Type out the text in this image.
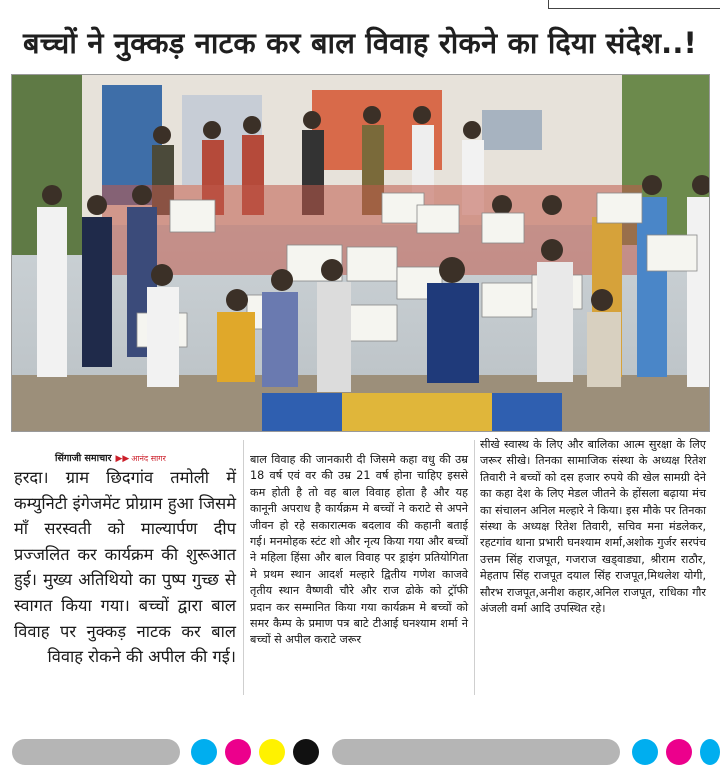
बच्चों ने नुक्कड़ नाटक कर बाल विवाह रोकने का दिया संदेश..!
सिंगाजी समाचार ▶▶ आनंद सागर

हरदा। ग्राम छिदगांव तमोली में कम्युनिटी इंगेजमेंट प्रोग्राम हुआ जिसमे माँ सरस्वती को माल्यार्पण दीप प्रज्जलित कर कार्यक्रम की शुरूआत हुई। मुख्य अतिथियो का पुष्प गुच्छ से स्वागत किया गया। बच्चों द्वारा बाल विवाह पर नुक्कड़ नाटक कर बाल विवाह रोकने की अपील की गई।

बाल विवाह की जानकारी दी जिसमे कहा वधु की उम्र 18 वर्ष एवं वर की उम्र 21 वर्ष होना चाहिए इससे कम होती है तो वह बाल विवाह होता है और यह कानूनी अपराध है कार्यक्रम मे बच्चों ने कराटे से अपने जीवन हो रहे सकारात्मक बदलाव की कहानी बताई गई। मनमोहक स्टंट शो और नृत्य किया गया और बच्चों ने महिला हिंसा और बाल विवाह पर ड्राइंग प्रतियोगिता मे प्रथम स्थान आदर्श मल्हारे द्वितीय गणेश काजवे तृतीय स्थान वैष्णवी चौरे और राज ढोके को ट्रॉफी प्रदान कर सम्मानित किया गया कार्यक्रम मे बच्चों को समर कैम्प के प्रमाण पत्र बाटे टीआई घनश्याम शर्मा ने बच्चों से अपील कराटे जरूर

सीखे स्वास्थ के लिए और बालिका आत्म सुरक्षा के लिए जरूर सीखे। तिनका सामाजिक संस्था के अध्यक्ष रितेश तिवारी ने बच्चों को दस हजार रुपये की खेल सामग्री देने का कहा देश के लिए मेडल जीतने के होंसला बढ़ाया मंच का संचालन अनिल मल्हारे ने किया। इस मौके पर तिनका संस्था के अध्यक्ष रितेश तिवारी, सचिव मना मंडलेकर, रहटगांव थाना प्रभारी घनश्याम शर्मा,अशोक गुर्जर सरपंच उत्तम सिंह राजपूत, गजराज खड्वाड्या, श्रीराम राठौर, मेहताप सिंह राजपूत दयाल सिंह राजपूत,मिथलेश योगी, सौरभ राजपूत,अनीश कहार,अनिल राजपूत, राधिका गौर अंजली वर्मा आदि उपस्थित रहे।
